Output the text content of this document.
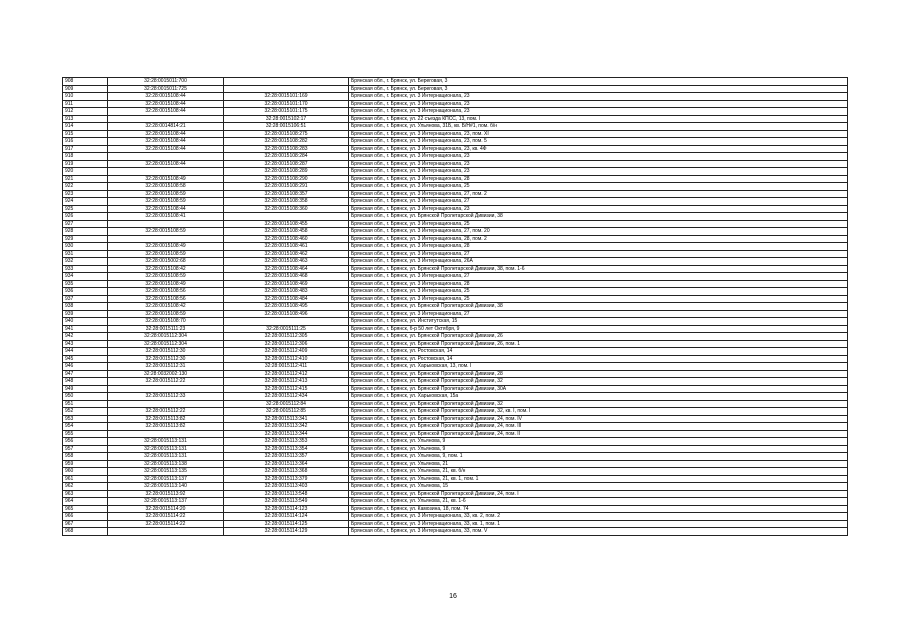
908	32:28:0015011:700		Брянская обл., г. Брянск, ул. Береговая, 3
909	32:28:0015011:725		Брянская обл., г. Брянск, ул. Береговая, 3
910	32:28:0015108:44	32:28:0015101:169	Брянская обл., г. Брянск, ул. 3 Интернационала, 23
911	32:28:0015108:44	32:28:0015101:170	Брянская обл., г. Брянск, ул. 3 Интернационала, 23
912	32:28:0015108:44	32:28:0015101:175	Брянская обл., г. Брянск, ул. 3 Интернационала, 23
913		32:28:0015102:17	Брянская обл., г. Брянск, ул. 22 съезда КПСС, 13, пом. I
914	32:28:0014814:21	32:28:0015106:51	Брянская обл., г. Брянск, ул. Ульянова, 31Б, кв. Б/Н#1, пом. б/н
915	32:28:0015108:44	32:28:0015108:275	Брянская обл., г. Брянск, ул. 3 Интернационала, 23, пом. XI
916	32:28:0015108:44	32:28:0015108:282	Брянская обл., г. Брянск, ул. 3 Интернационала, 23, пом. 5
917	32:28:0015108:44	32:28:0015108:283	Брянская обл., г. Брянск, ул. 3 Интернационала, 23, кв. 4Ф
918		32:28:0015108:284	Брянская обл., г. Брянск, ул. 3 Интернационала, 23
919	32:28:0015108:44	32:28:0015108:287	Брянская обл., г. Брянск, ул. 3 Интернационала, 23
920		32:28:0015108:289	Брянская обл., г. Брянск, ул. 3 Интернационала, 23
921	32:28:0015108:49	32:28:0015108:290	Брянская обл., г. Брянск, ул. 3 Интернационала, 28
922	32:28:0015108:58	32:28:0015108:291	Брянская обл., г. Брянск, ул. 3 Интернационала, 25
923	32:28:0015108:59	32:28:0015108:357	Брянская обл., г. Брянск, ул. 3 Интернационала, 27, пом. 2
924	32:28:0015108:59	32:28:0015108:358	Брянская обл., г. Брянск, ул. 3 Интернационала, 27
925	32:28:0015108:44	32:28:0015108:360	Брянская обл., г. Брянск, ул. 3 Интернационала, 23
926	32:28:0015108:41		Брянская обл., г. Брянск, ул. Брянской Пролетарской Дивизии, 38
927		32:28:0015108:455	Брянская обл., г. Брянск, ул. 3 Интернационала, 25
928	32:28:0015108:59	32:28:0015108:458	Брянская обл., г. Брянск, ул. 3 Интернационала, 27, пом. 20
929		32:28:0015108:460	Брянская обл., г. Брянск, ул. 3 Интернационала, 28, пом. 2
930	32:28:0015108:49	32:28:0015108:461	Брянская обл., г. Брянск, ул. 3 Интернационала, 28
931	32:28:0015108:59	32:28:0015108:462	Брянская обл., г. Брянск, ул. 3 Интернационала, 27
932	32:28:0015002:68	32:28:0015108:463	Брянская обл., г. Брянск, ул. 3 Интернационала, 26А
933	32:28:0015108:42	32:28:0015108:464	Брянская обл., г. Брянск, ул. Брянской Пролетарской Дивизии, 38, пом. 1-6
934	32:28:0015108:59	32:28:0015108:468	Брянская обл., г. Брянск, ул. 3 Интернационала, 27
935	32:28:0015108:49	32:28:0015108:469	Брянская обл., г. Брянск, ул. 3 Интернационала, 28
936	32:28:0015108:56	32:28:0015108:483	Брянская обл., г. Брянск, ул. 3 Интернационала, 25
937	32:28:0015108:56	32:28:0015108:484	Брянская обл., г. Брянск, ул. 3 Интернационала, 25
938	32:28:0015108:42	32:28:0015108:495	Брянская обл., г. Брянск, ул. Брянской Пролетарской Дивизии, 38
939	32:28:0015108:59	32:28:0015108:496	Брянская обл., г. Брянск, ул. 3 Интернационала, 27
940	32:28:0015108:70		Брянская обл., г. Брянск, ул. Институтская, 15
941	32:28:0015111:23	32:28:0015111:25	Брянская обл., г. Брянск, б-р 50 лет Октября, 9
942	32:28:0015112:304	32:28:0015112:305	Брянская обл., г. Брянск, ул. Брянской Пролетарской Дивизии, 26
943	32:28:0015112:304	32:28:0015112:306	Брянская обл., г. Брянск, ул. Брянской Пролетарской Дивизии, 26, пом. 1
944	32:28:0015112:30	32:28:0015112:409	Брянская обл., г. Брянск, ул. Ростовская, 14
945	32:28:0015112:30	32:28:0015112:410	Брянская обл., г. Брянск, ул. Ростовская, 14
946	32:28:0015112:31	32:28:0015112:411	Брянская обл., г. Брянск, ул. Харьковская, 13, пом. I
947	32:28:0032002:130	32:28:0015112:412	Брянская обл., г. Брянск, ул. Брянской Пролетарской Дивизии, 28
948	32:28:0015112:22	32:28:0015112:413	Брянская обл., г. Брянск, ул. Брянской Пролетарской Дивизии, 32
949		32:28:0015112:415	Брянская обл., г. Брянск, ул. Брянской Пролетарской Дивизии, 30А
950	32:28:0015112:33	32:28:0015112:434	Брянская обл., г. Брянск, ул. Харьковская, 15а
951		32:28:0015112:84	Брянская обл., г. Брянск, ул. Брянской Пролетарской Дивизии, 32
952	32:28:0015112:22	32:28:0015112:85	Брянская обл., г. Брянск, ул. Брянской Пролетарской Дивизии, 32, кв. I, пом. I
953	32:28:0015113:82	32:28:0015113:341	Брянская обл., г. Брянск, ул. Брянской Пролетарской Дивизии, 24, пом. IV
954	32:28:0015113:82	32:28:0015113:342	Брянская обл., г. Брянск, ул. Брянской Пролетарской Дивизии, 24, пом. III
955		32:28:0015113:344	Брянская обл., г. Брянск, ул. Брянской Пролетарской Дивизии, 24, пом. II
956	32:28:0015113:131	32:28:0015113:353	Брянская обл., г. Брянск, ул. Ульянова, 9
957	32:28:0015113:131	32:28:0015113:354	Брянская обл., г. Брянск, ул. Ульянова, 9
958	32:28:0015113:131	32:28:0015113:357	Брянская обл., г. Брянск, ул. Ульянова, 9, пом. 1
959	32:28:0015113:138	32:28:0015113:364	Брянская обл., г. Брянск, ул. Ульянова, 21
960	32:28:0015113:135	32:28:0015113:368	Брянская обл., г. Брянск, ул. Ульянова, 21, кв. б/н
961	32:28:0015113:137	32:28:0015113:379	Брянская обл., г. Брянск, ул. Ульянова, 21, кв. 1, пом. 1
962	32:28:0015113:140	32:28:0015113:403	Брянская обл., г. Брянск, ул. Ульянова, 15
963	32:28:0015113:92	32:28:0015113:548	Брянская обл., г. Брянск, ул. Брянской Пролетарской Дивизии, 24, пом. I
964	32:28:0015113:137	32:28:0015113:549	Брянская обл., г. Брянск, ул. Ульянова, 21, кв. 1-6
965	32:28:0015114:20	32:28:0015114:123	Брянская обл., г. Брянск, ул. Камозина, 18, пом. 74
966	32:28:0015114:22	32:28:0015114:124	Брянская обл., г. Брянск, ул. 3 Интернационала, 33, кв. 2, пом. 2
967	32:28:0015114:22	32:28:0015114:125	Брянская обл., г. Брянск, ул. 3 Интернационала, 33, кв. 1, пом. 1
968		32:28:0015114:129	Брянская обл., г. Брянск, ул. 3 Интернационала, 33, пом. V
16
